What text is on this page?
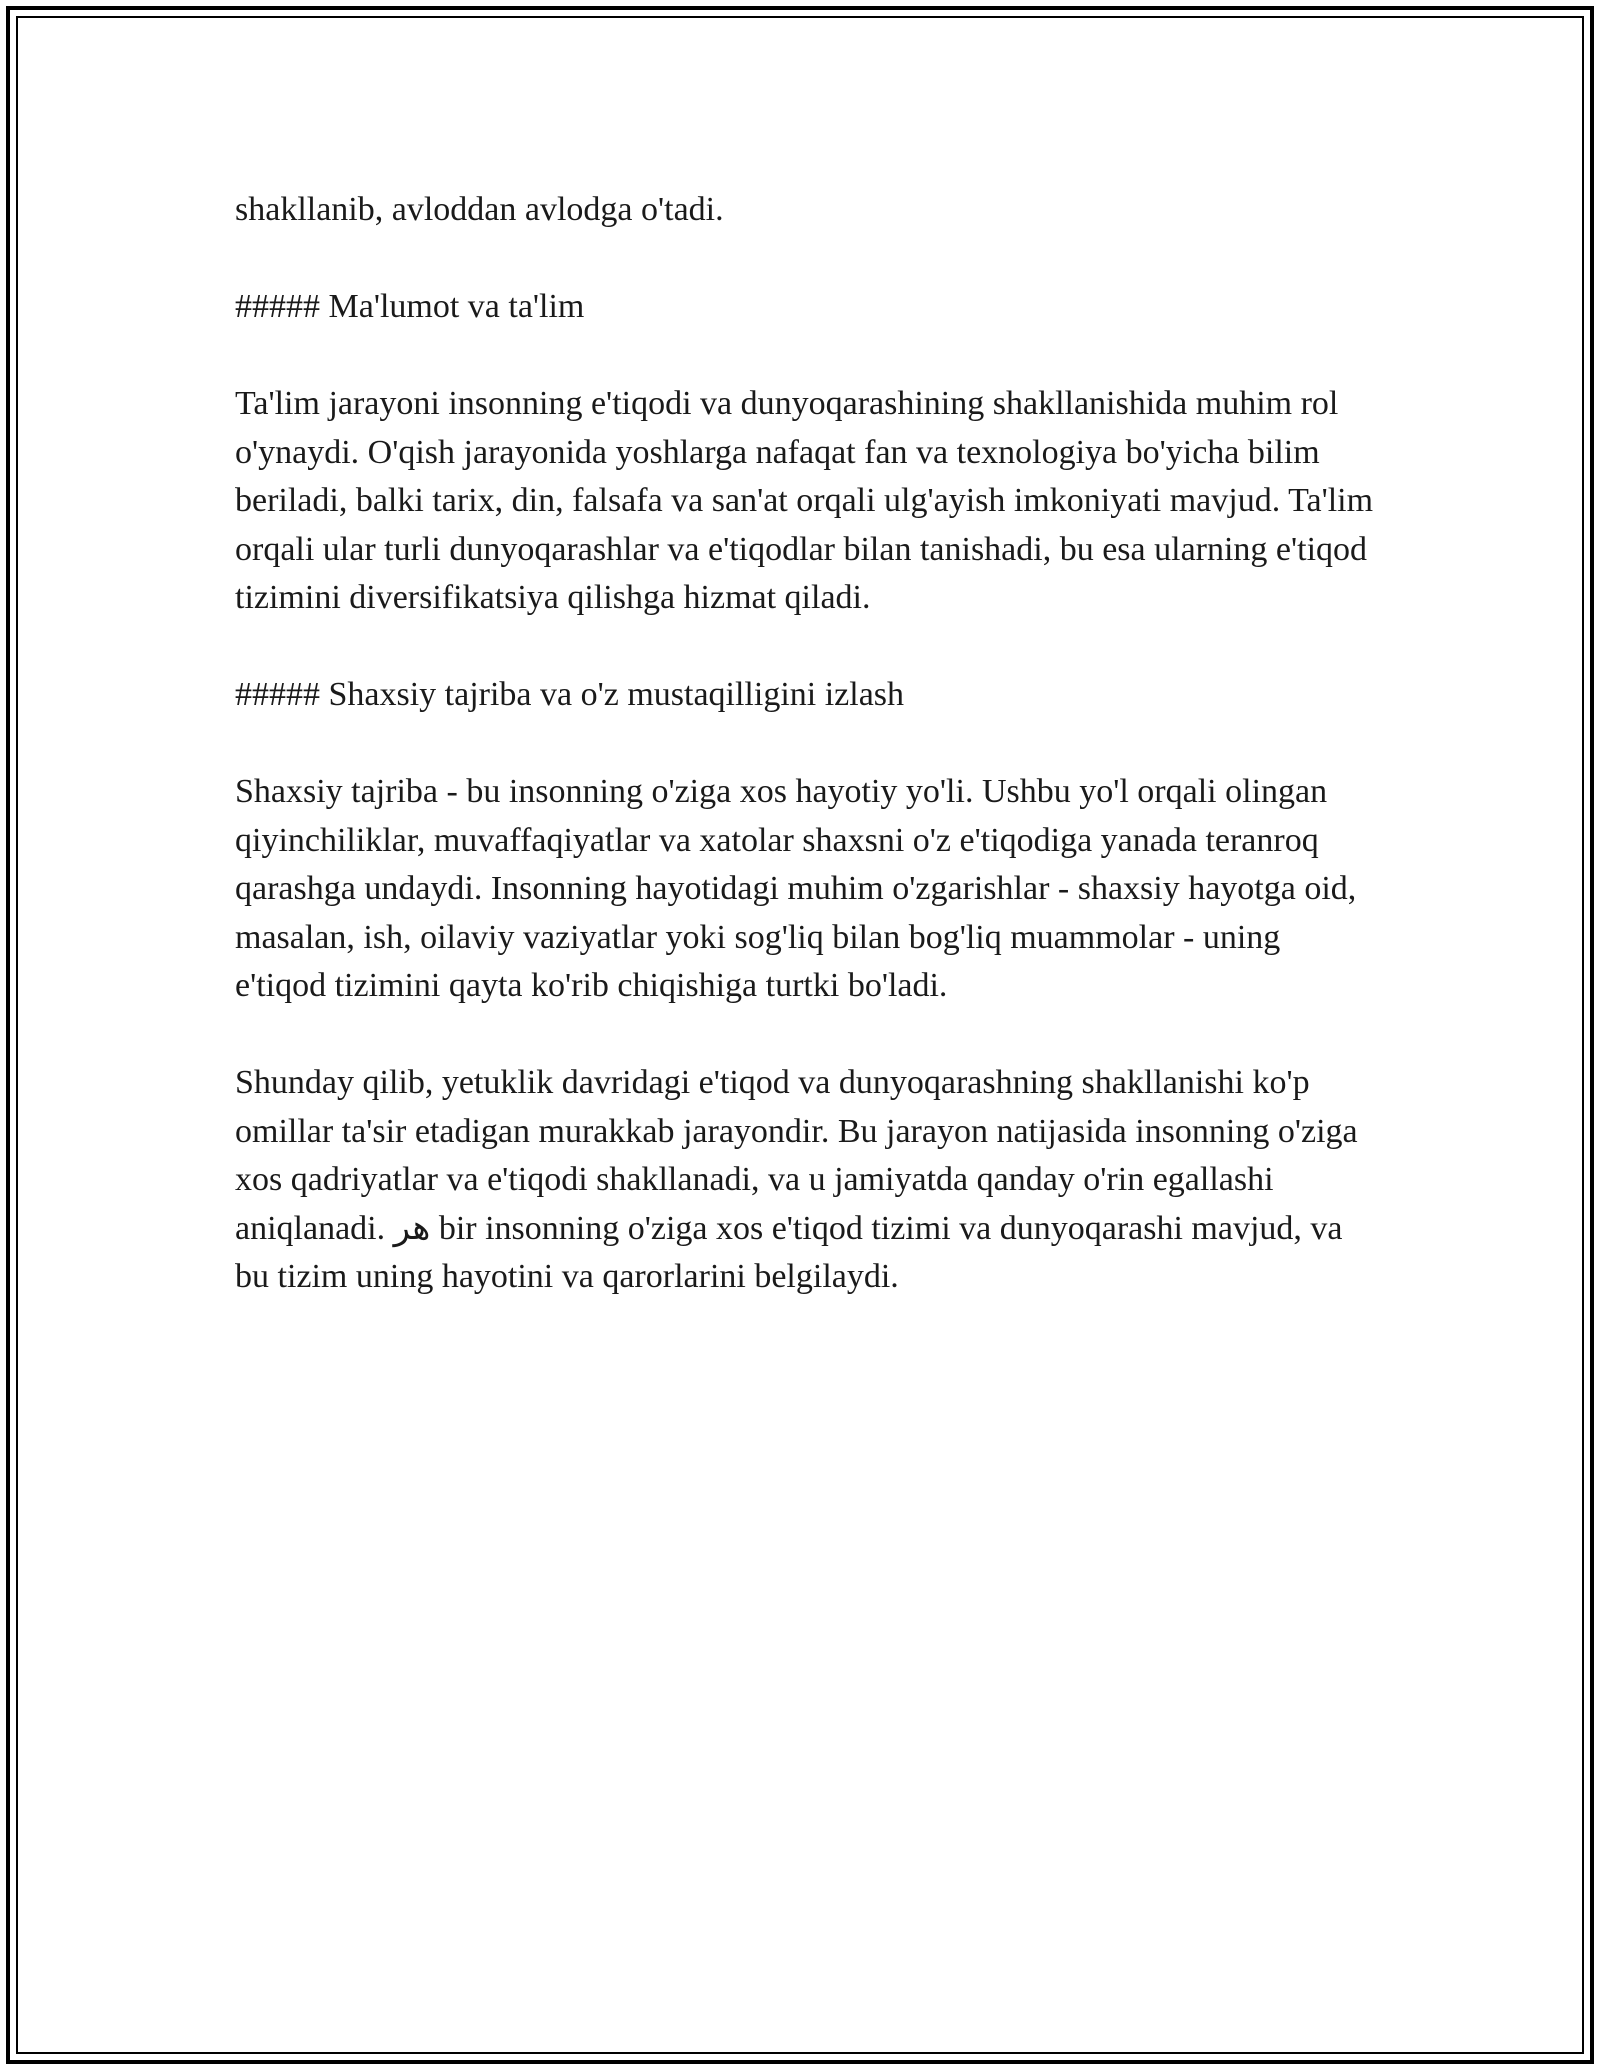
shakllanib, avloddan avlodga o'tadi.

##### Ma'lumot va ta'lim

Ta'lim jarayoni insonning e'tiqodi va dunyoqarashining shakllanishida muhim rol o'ynaydi. O'qish jarayonida yoshlarga nafaqat fan va texnologiya bo'yicha bilim beriladi, balki tarix, din, falsafa va san'at orqali ulg'ayish imkoniyati mavjud. Ta'lim orqali ular turli dunyoqarashlar va e'tiqodlar bilan tanishadi, bu esa ularning e'tiqod tizimini diversifikatsiya qilishga hizmat qiladi.

##### Shaxsiy tajriba va o'z mustaqilligini izlash

Shaxsiy tajriba - bu insonning o'ziga xos hayotiy yo'li. Ushbu yo'l orqali olingan qiyinchiliklar, muvaffaqiyatlar va xatolar shaxsni o'z e'tiqodiga yanada teranroq qarashga undaydi. Insonning hayotidagi muhim o'zgarishlar - shaxsiy hayotga oid, masalan, ish, oilaviy vaziyatlar yoki sog'liq bilan bog'liq muammolar - uning e'tiqod tizimini qayta ko'rib chiqishiga turtki bo'ladi.

Shunday qilib, yetuklik davridagi e'tiqod va dunyoqarashning shakllanishi ko'p omillar ta'sir etadigan murakkab jarayondir. Bu jarayon natijasida insonning o'ziga xos qadriyatlar va e'tiqodi shakllanadi, va u jamiyatda qanday o'rin egallashi aniqlanadi. هر bir insonning o'ziga xos e'tiqod tizimi va dunyoqarashi mavjud, va bu tizim uning hayotini va qarorlarini belgilaydi.
